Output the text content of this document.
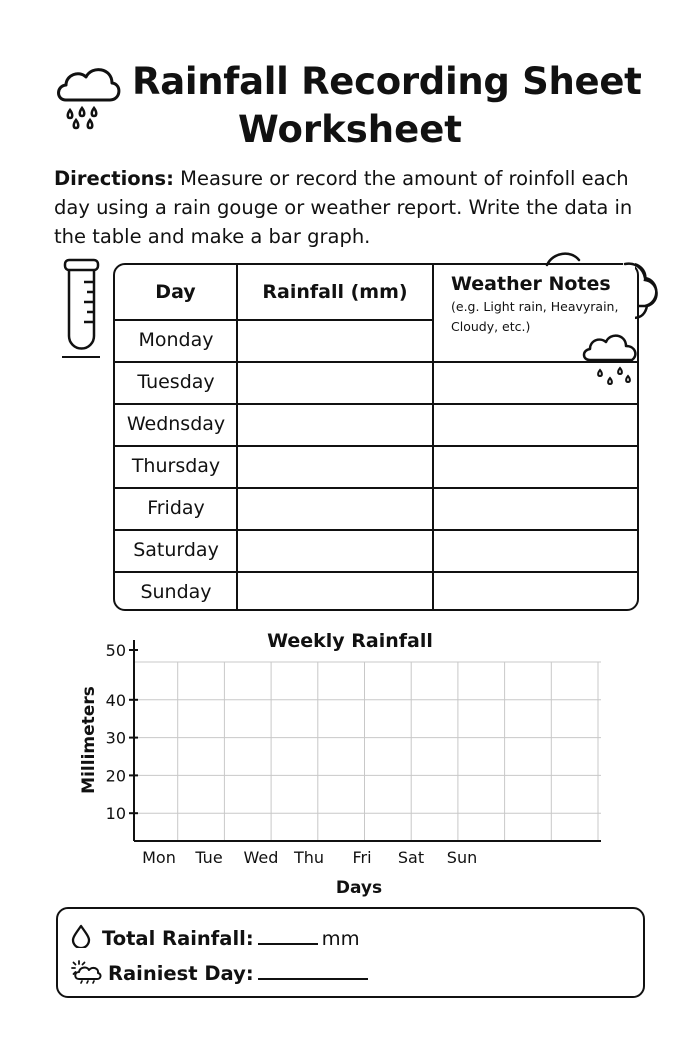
Rainfall Recording Sheet
Worksheet
Directions: Measure or record the amount of roinfoll each day using a rain gouge or weather report. Write the data in the table and make a bar graph.
Day	Rainfall (mm)	Weather Notes
(e.g. Light rain, Heavyrain, Cloudy, etc.)
Monday
Tuesday
Wednsday
Thursday
Friday
Saturday
Sunday
10
20
30
40
50
Mon Tue Wed Thu Fri Sat Sun
Weekly Rainfall
Days
Millimeters
Total Rainfall:	mm
Rainiest Day:
